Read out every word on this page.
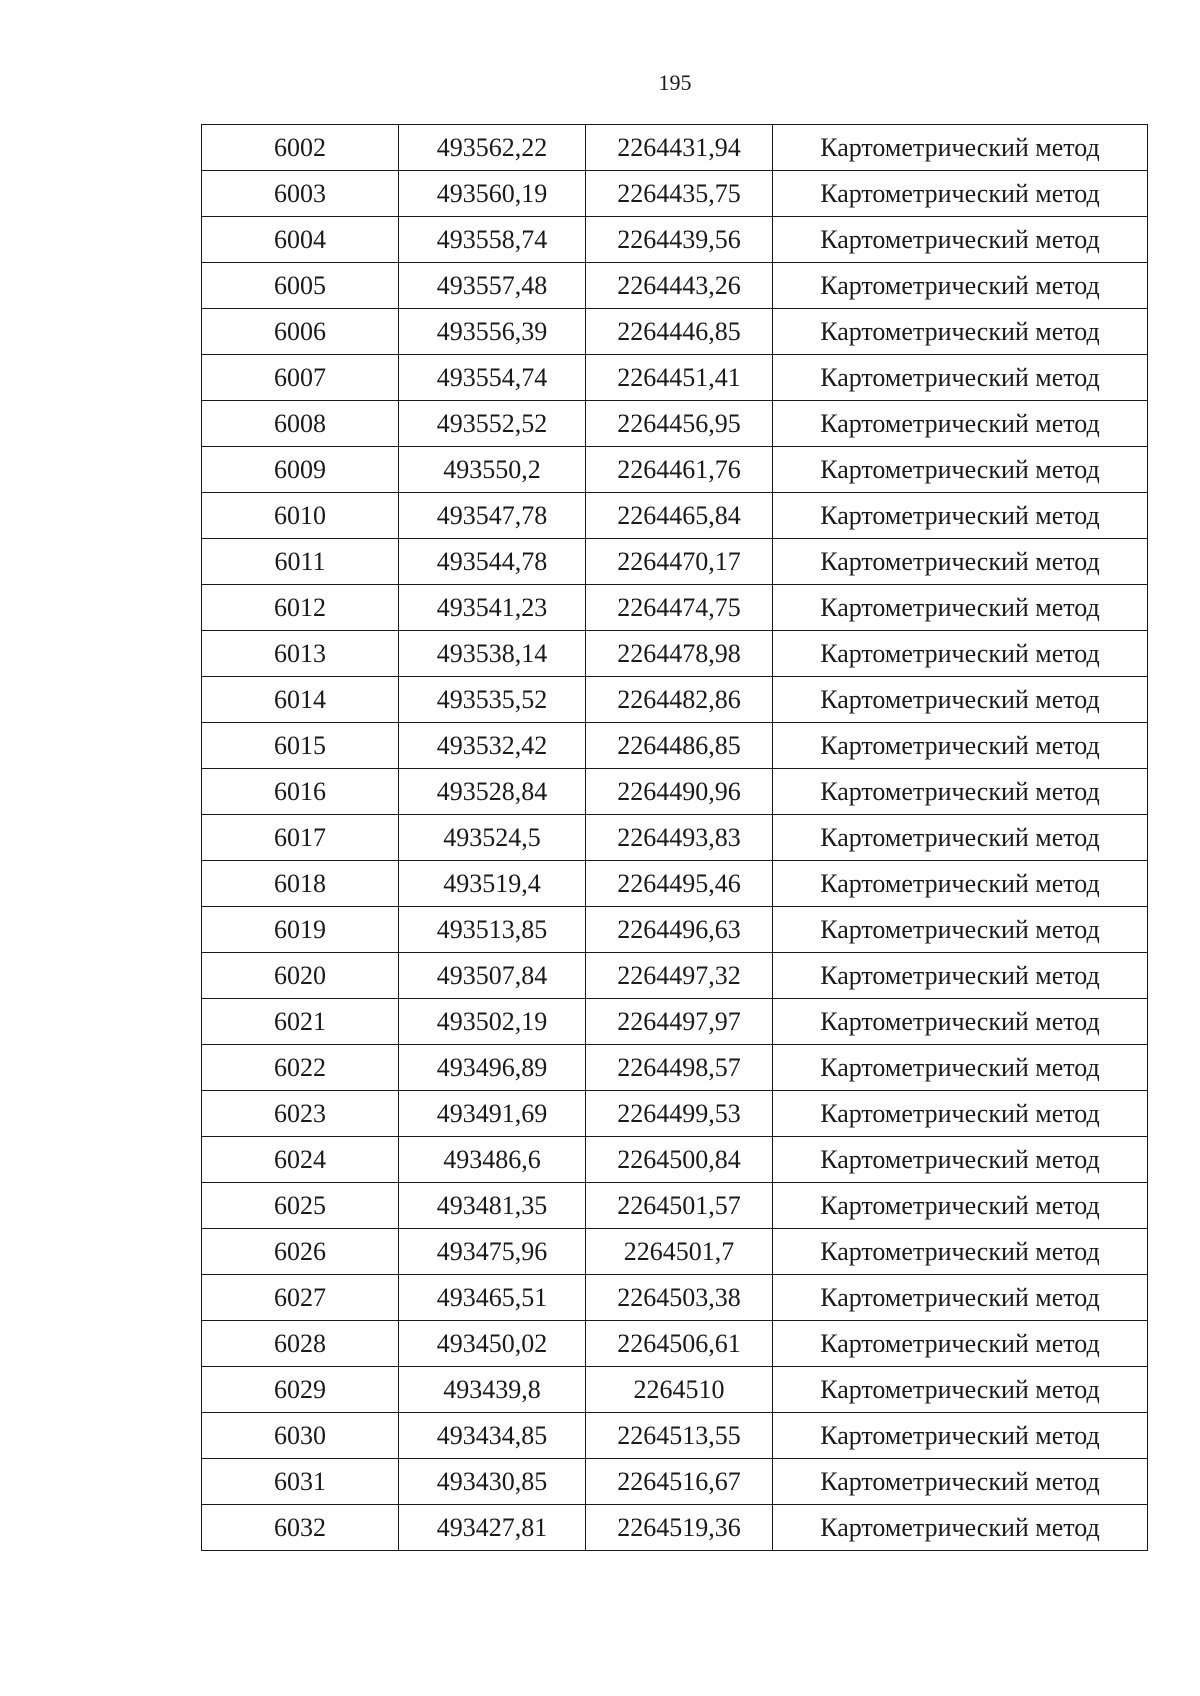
195
6002	493562,22	2264431,94	Картометрический метод
6003	493560,19	2264435,75	Картометрический метод
6004	493558,74	2264439,56	Картометрический метод
6005	493557,48	2264443,26	Картометрический метод
6006	493556,39	2264446,85	Картометрический метод
6007	493554,74	2264451,41	Картометрический метод
6008	493552,52	2264456,95	Картометрический метод
6009	493550,2	2264461,76	Картометрический метод
6010	493547,78	2264465,84	Картометрический метод
6011	493544,78	2264470,17	Картометрический метод
6012	493541,23	2264474,75	Картометрический метод
6013	493538,14	2264478,98	Картометрический метод
6014	493535,52	2264482,86	Картометрический метод
6015	493532,42	2264486,85	Картометрический метод
6016	493528,84	2264490,96	Картометрический метод
6017	493524,5	2264493,83	Картометрический метод
6018	493519,4	2264495,46	Картометрический метод
6019	493513,85	2264496,63	Картометрический метод
6020	493507,84	2264497,32	Картометрический метод
6021	493502,19	2264497,97	Картометрический метод
6022	493496,89	2264498,57	Картометрический метод
6023	493491,69	2264499,53	Картометрический метод
6024	493486,6	2264500,84	Картометрический метод
6025	493481,35	2264501,57	Картометрический метод
6026	493475,96	2264501,7	Картометрический метод
6027	493465,51	2264503,38	Картометрический метод
6028	493450,02	2264506,61	Картометрический метод
6029	493439,8	2264510	Картометрический метод
6030	493434,85	2264513,55	Картометрический метод
6031	493430,85	2264516,67	Картометрический метод
6032	493427,81	2264519,36	Картометрический метод
